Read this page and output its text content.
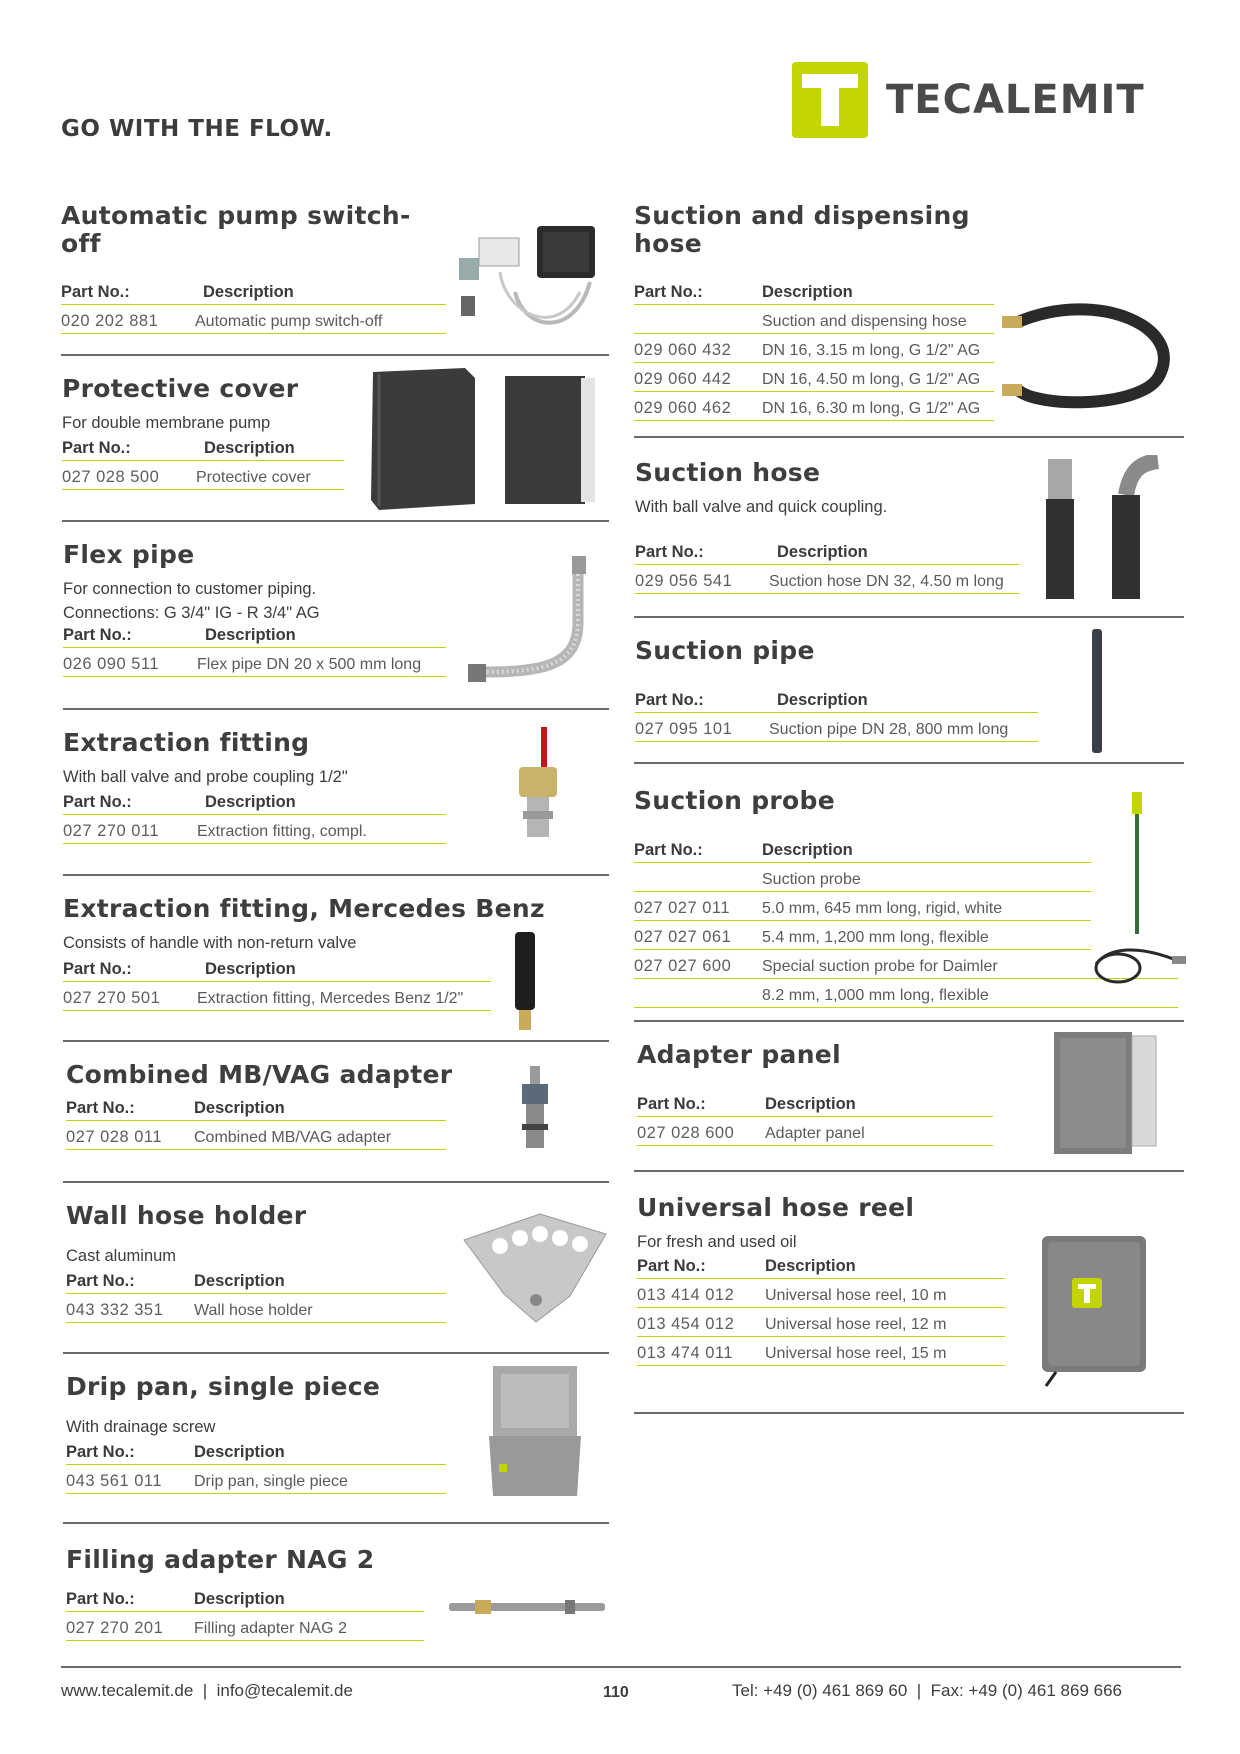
GO WITH THE FLOW.
TECALEMIT
Automatic pump switch-
off
Part No.:	Description
020 202 881	Automatic pump switch-off
Protective cover
For double membrane pump
Part No.:	Description
027 028 500	Protective cover
Flex pipe
For connection to customer piping.
Connections: G 3/4" IG - R 3/4" AG
Part No.:	Description
026 090 511	Flex pipe DN 20 x 500 mm long
Extraction fitting
With ball valve and probe coupling 1/2"
Part No.:	Description
027 270 011	Extraction fitting, compl.
Extraction fitting, Mercedes Benz
Consists of handle with non-return valve
Part No.:	Description
027 270 501	Extraction fitting, Mercedes Benz 1/2"
Combined MB/VAG adapter
Part No.:	Description
027 028 011	Combined MB/VAG adapter
Wall hose holder
Cast aluminum
Part No.:	Description
043 332 351	Wall hose holder
Drip pan, single piece
With drainage screw
Part No.:	Description
043 561 011	Drip pan, single piece
Filling adapter NAG 2
Part No.:	Description
027 270 201	Filling adapter NAG 2
Suction and dispensing
hose
Part No.:	Description
Suction and dispensing hose
029 060 432	DN 16, 3.15 m long, G 1/2" AG
029 060 442	DN 16, 4.50 m long, G 1/2" AG
029 060 462	DN 16, 6.30 m long, G 1/2" AG
Suction hose
With ball valve and quick coupling.
Part No.:	Description
029 056 541	Suction hose DN 32, 4.50 m long
Suction pipe
Part No.:	Description
027 095 101	Suction pipe DN 28, 800 mm long
Suction probe
Part No.:	Description
Suction probe
027 027 011	5.0 mm, 645 mm long, rigid, white
027 027 061	5.4 mm, 1,200 mm long, flexible
027 027 600	Special suction probe for Daimler
8.2 mm, 1,000 mm long, flexible
Adapter panel
Part No.:	Description
027 028 600	Adapter panel
Universal hose reel
For fresh and used oil
Part No.:	Description
013 414 012	Universal hose reel, 10 m
013 454 012	Universal hose reel, 12 m
013 474 011	Universal hose reel, 15 m
www.tecalemit.de  |  info@tecalemit.de	110	Tel: +49 (0) 461 869 60  |  Fax: +49 (0) 461 869 666
